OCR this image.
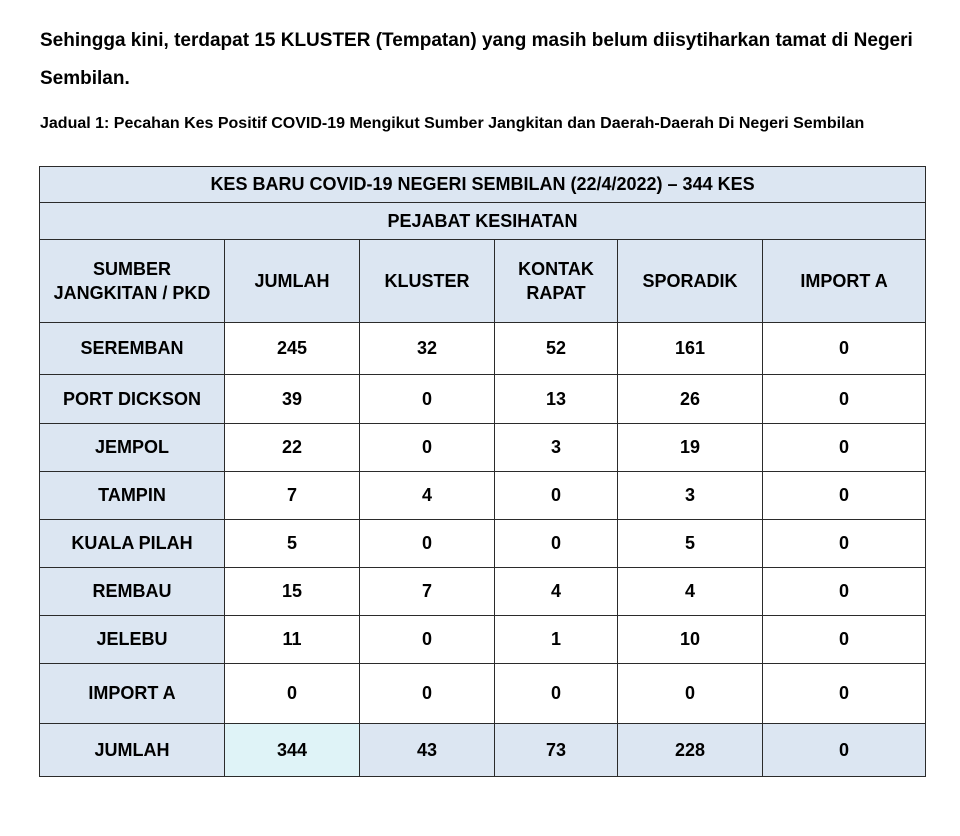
Sehingga kini, terdapat 15 KLUSTER (Tempatan) yang masih belum diisytiharkan tamat di Negeri Sembilan.
Jadual 1: Pecahan Kes Positif COVID-19 Mengikut Sumber Jangkitan dan Daerah-Daerah Di Negeri Sembilan
KES BARU COVID-19 NEGERI SEMBILAN (22/4/2022) – 344 KES					
PEJABAT KESIHATAN					
SUMBER JANGKITAN / PKD	JUMLAH	KLUSTER	KONTAK RAPAT	SPORADIK	IMPORT A
SEREMBAN	245	32	52	161	0
PORT DICKSON	39	0	13	26	0
JEMPOL	22	0	3	19	0
TAMPIN	7	4	0	3	0
KUALA PILAH	5	0	0	5	0
REMBAU	15	7	4	4	0
JELEBU	11	0	1	10	0
IMPORT A	0	0	0	0	0
JUMLAH	344	43	73	228	0
